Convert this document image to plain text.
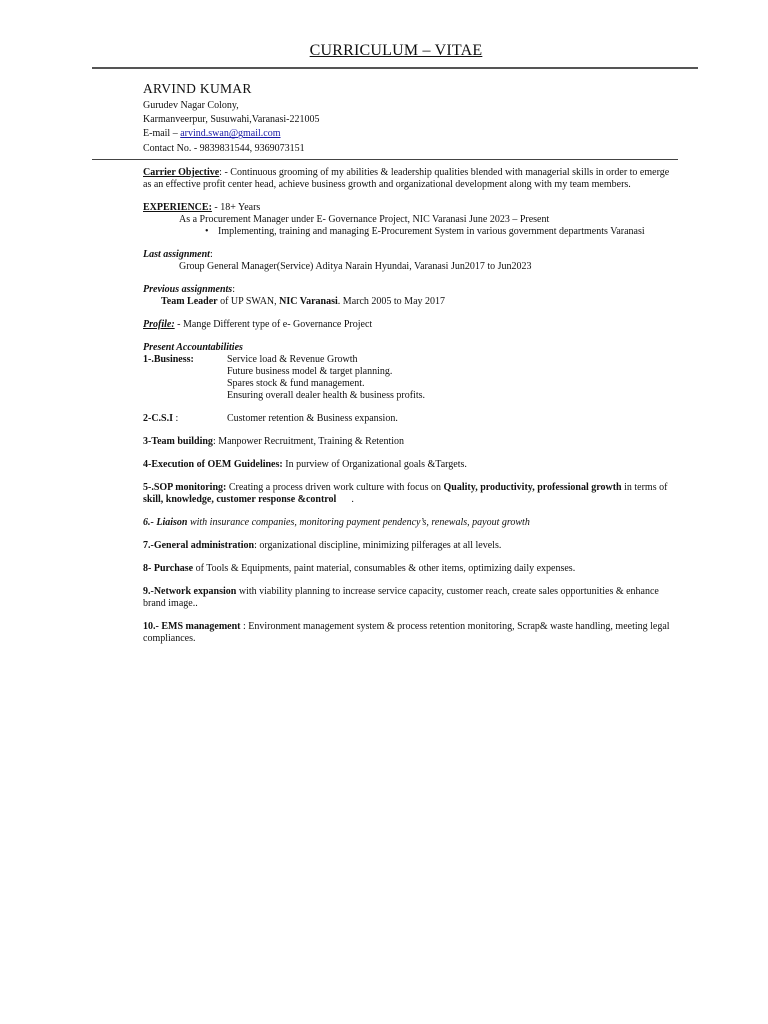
CURRICULUM – VITAE
ARVIND KUMAR
Gurudev Nagar Colony,
Karmanveerpur, Susuwahi,Varanasi-221005
E-mail – arvind.swan@gmail.com
Contact No. - 9839831544, 9369073151

Carrier Objective: - Continuous grooming of my abilities & leadership qualities blended with managerial skills in order to emerge as an effective profit center head, achieve business growth and organizational development along with my team members.

EXPERIENCE: - 18+ Years

As a Procurement Manager under E- Governance Project, NIC Varanasi June 2023 – Present

• Implementing, training and managing E-Procurement System in various government departments Varanasi

Last assignment:

Group General Manager(Service) Aditya Narain Hyundai, Varanasi Jun2017 to Jun2023

Previous assignments:

Team Leader of UP SWAN, NIC Varanasi. March 2005 to May 2017

Profile: - Mange Different type of e- Governance Project

Present Accountabilities

1-.Business:	Service load & Revenue Growth

Future business model & target planning.

Spares stock & fund management.

Ensuring overall dealer health & business profits.

2-C.S.I :	Customer retention & Business expansion.

3-Team building: Manpower Recruitment, Training & Retention

4-Execution of OEM Guidelines: In purview of Organizational goals &Targets.

5-.SOP monitoring: Creating a process driven work culture with focus on Quality, productivity, professional growth in terms of skill, knowledge, customer response &control      .

6.- Liaison with insurance companies, monitoring payment pendency’s, renewals, payout growth

7.-General administration: organizational discipline, minimizing pilferages at all levels.

8- Purchase of Tools & Equipments, paint material, consumables & other items, optimizing daily expenses.

9.-Network expansion with viability planning to increase service capacity, customer reach, create sales opportunities & enhance brand image..

10.- EMS management : Environment management system & process retention monitoring, Scrap& waste handling, meeting legal compliances.
